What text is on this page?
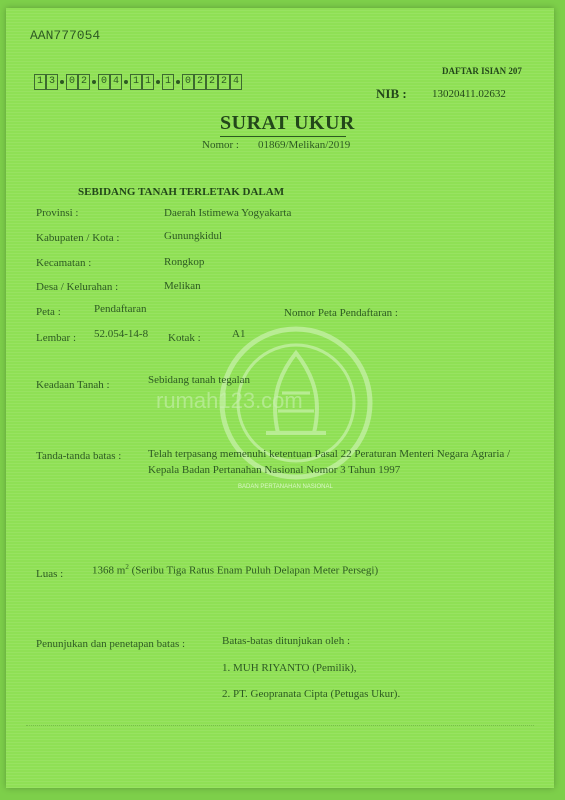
AAN777054
DAFTAR ISIAN 207
1 3	0 2	0 4	1 1	1	0 2 2 2 4
NIB : 13020411.02632
SURAT UKUR
Nomor : 01869/Melikan/2019
SEBIDANG TANAH TERLETAK DALAM
Provinsi :	Daerah Istimewa Yogyakarta
Kabupaten / Kota :	Gunungkidul
Kecamatan :	Rongkop
Desa / Kelurahan :	Melikan
Peta :	Pendaftaran	Nomor Peta Pendaftaran :
Lembar : 52.054-14-8 Kotak :	A1
rumah123.com
BADAN PERTANAHAN NASIONAL
Keadaan Tanah :	Sebidang tanah tegalan
Tanda-tanda batas : Telah terpasang memenuhi ketentuan Pasal 22 Peraturan Menteri Negara Agraria /
Kepala Badan Pertanahan Nasional Nomor 3 Tahun 1997
Luas :	1368 $m^2$ (Seribu Tiga Ratus Enam Puluh Delapan Meter Persegi)
Penunjukan dan penetapan batas :	Batas-batas ditunjukan oleh :
1. MUH RIYANTO (Pemilik),
2. PT. Geopranata Cipta (Petugas Ukur).
